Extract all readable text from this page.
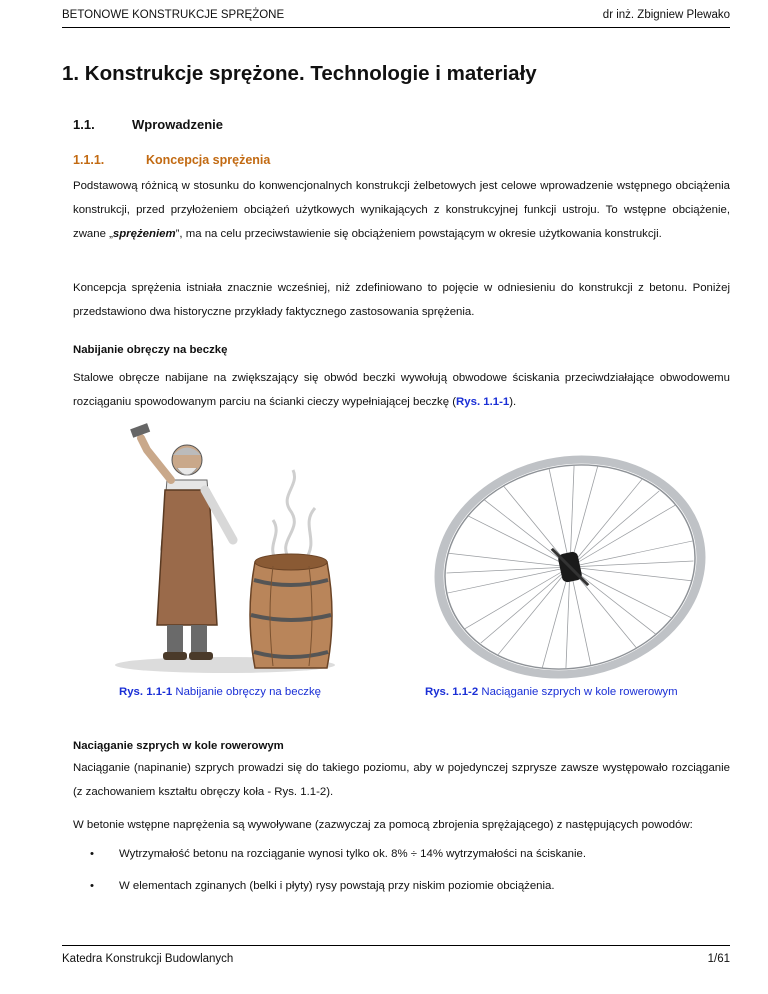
BETONOWE KONSTRUKCJE SPRĘŻONE	dr inż. Zbigniew Plewako
1. Konstrukcje sprężone. Technologie i materiały
1.1.	Wprowadzenie
1.1.1.	Koncepcja sprężenia
Podstawową różnicą w stosunku do konwencjonalnych konstrukcji żelbetowych jest celowe wprowadzenie wstępnego obciążenia konstrukcji, przed przyłożeniem obciążeń użytkowych wynikających z konstrukcyjnej funkcji ustroju. To wstępne obciążenie, zwane „sprężeniem”, ma na celu przeciwstawienie się obciążeniem powstającym w okresie użytkowania konstrukcji.
Koncepcja sprężenia istniała znacznie wcześniej, niż zdefiniowano to pojęcie w odniesieniu do konstrukcji z betonu. Poniżej przedstawiono dwa historyczne przykłady faktycznego zastosowania sprężenia.
Nabijanie obręczy na beczkę
Stalowe obręcze nabijane na zwiększający się obwód beczki wywołują obwodowe ściskania przeciwdziałające obwodowemu rozciąganiu spowodowanym parciu na ścianki cieczy wypełniającej beczkę (Rys. 1.1-1).
Rys. 1.1-1 Nabijanie obręczy na beczkę	Rys. 1.1-2 Naciąganie szprych w kole rowerowym
Naciąganie szprych w kole rowerowym
Naciąganie (napinanie) szprych prowadzi się do takiego poziomu, aby w pojedynczej szprysze zawsze występowało rozciąganie (z zachowaniem kształtu obręczy koła - Rys. 1.1-2).
W betonie wstępne naprężenia są wywoływane (zazwyczaj za pomocą zbrojenia sprężającego) z następujących powodów:
• Wytrzymałość betonu na rozciąganie wynosi tylko ok. 8% ÷ 14% wytrzymałości na ściskanie.
• W elementach zginanych (belki i płyty) rysy powstają przy niskim poziomie obciążenia.
Katedra Konstrukcji Budowlanych	1/61
